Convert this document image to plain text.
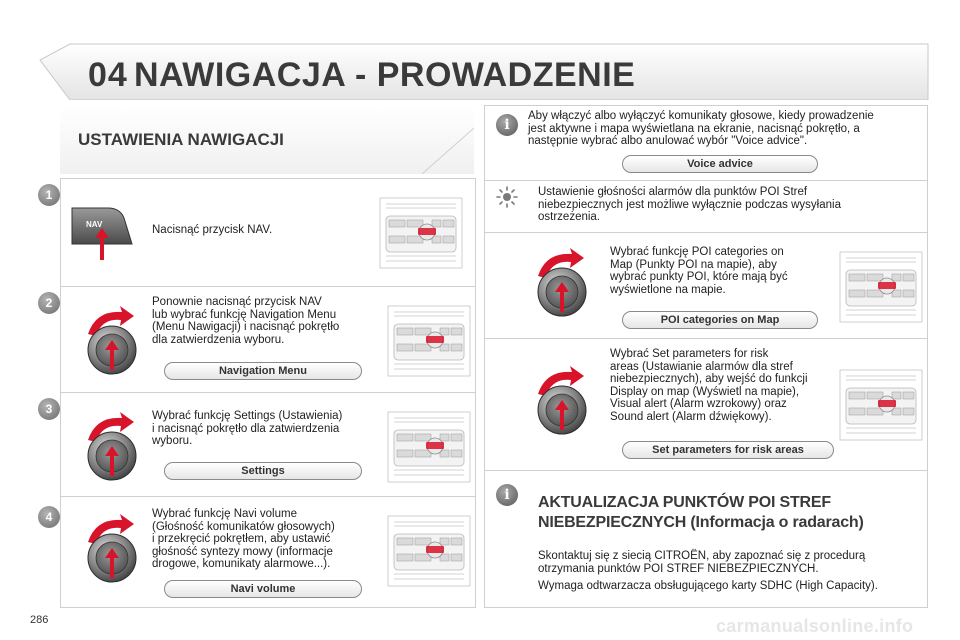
04 NAWIGACJA - PROWADZENIE
USTAWIENIA NAWIGACJI
1
2
3
4
NAV	Nacisnąć przycisk NAV.
Ponownie nacisnąć przycisk NAV
lub wybrać funkcję Navigation Menu
(Menu Nawigacji) i nacisnąć pokrętło
dla zatwierdzenia wyboru.
Navigation Menu
Wybrać funkcję Settings (Ustawienia)
i nacisnąć pokrętło dla zatwierdzenia
wyboru.
Settings
Wybrać funkcję Navi volume
(Głośność komunikatów głosowych)
i przekręcić pokrętłem, aby ustawić
głośność syntezy mowy (informacje
drogowe, komunikaty alarmowe...).
Navi volume
i
Aby włączyć albo wyłączyć komunikaty głosowe, kiedy prowadzenie
jest aktywne i mapa wyświetlana na ekranie, nacisnąć pokrętło, a
następnie wybrać albo anulować wybór "Voice advice".
Voice advice
Ustawienie głośności alarmów dla punktów POI Stref
niebezpiecznych jest możliwe wyłącznie podczas wysyłania
ostrzeżenia.
Wybrać funkcję POI categories on
Map (Punkty POI na mapie), aby
wybrać punkty POI, które mają być
wyświetlone na mapie.
POI categories on Map
Wybrać Set parameters for risk
areas (Ustawianie alarmów dla stref
niebezpiecznych), aby wejść do funkcji
Display on map (Wyświetl na mapie),
Visual alert (Alarm wzrokowy) oraz
Sound alert (Alarm dźwiękowy).
Set parameters for risk areas
i	AKTUALIZACJA PUNKTÓW POI STREF
NIEBEZPIECZNYCH (Informacja o radarach)
Skontaktuj się z siecią CITROËN, aby zapoznać się z procedurą
otrzymania punktów POI STREF NIEBEZPIECZNYCH.
Wymaga odtwarzacza obsługującego karty SDHC (High Capacity).
286	carmanualsonline.info
